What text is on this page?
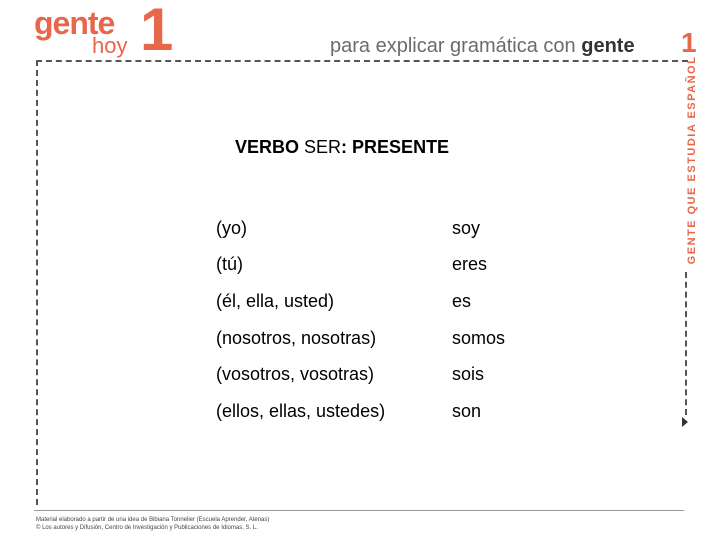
gente
hoy 1	para explicar gramática con gente 1
GENTE QUE ESTUDIA ESPAÑOL
VERBO SER: PRESENTE
(yo)	soy
(tú)	eres
(él, ella, usted)	es
(nosotros, nosotras)	somos
(vosotros, vosotras)	sois
(ellos, ellas, ustedes)	son
Material elaborado a partir de una idea de Bibiana Tonnelier (Escuela Aprender, Atenas)
© Los autores y Difusión, Centro de Investigación y Publicaciones de Idiomas, S. L.
